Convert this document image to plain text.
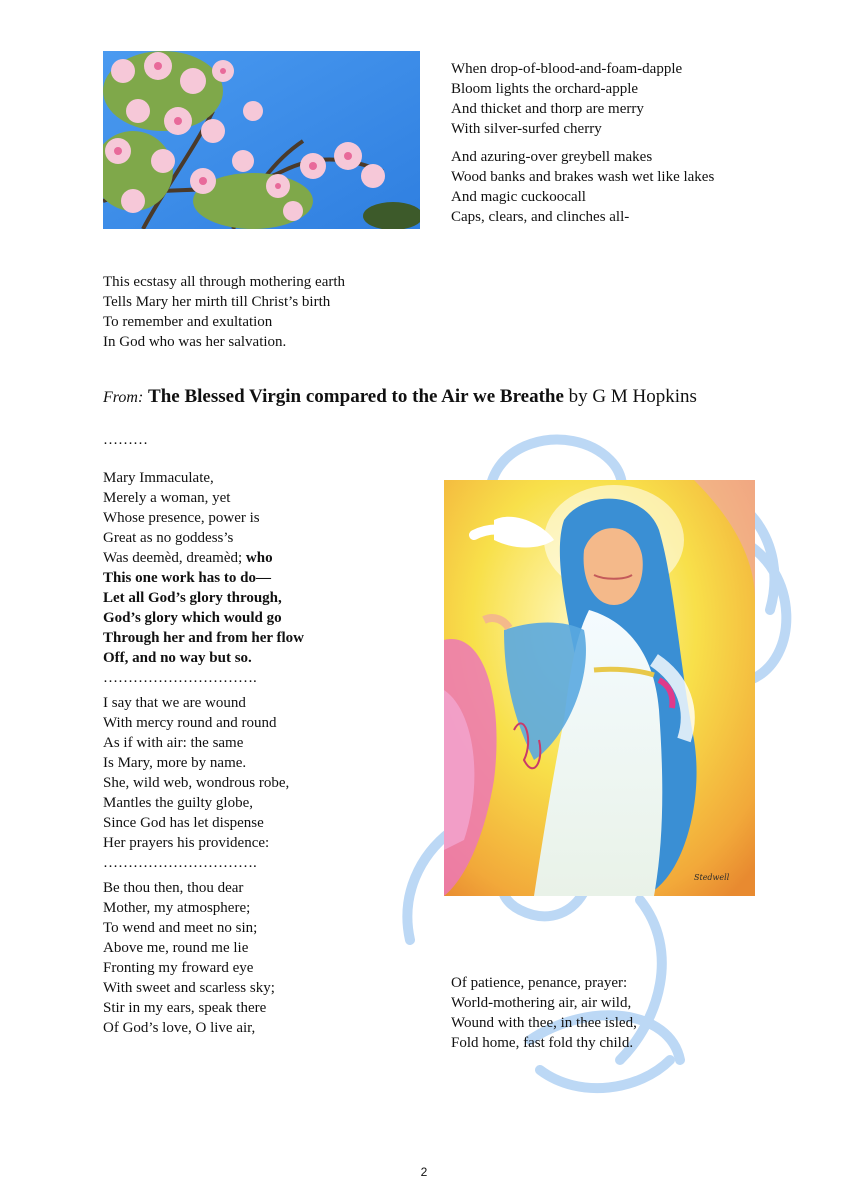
When drop-of-blood-and-foam-dapple
Bloom lights the orchard-apple
And thicket and thorp are merry
With silver-surfed cherry
And azuring-over greybell makes
Wood banks and brakes wash wet like lakes
And magic cuckoocall
Caps, clears, and clinches all-
This ecstasy all through mothering earth
Tells Mary her mirth till Christ’s birth
To remember and exultation
In God who was her salvation.
From: The Blessed Virgin compared to the Air we Breathe by G M Hopkins
………
Mary Immaculate,
Merely a woman, yet
Whose presence, power is
Great as no goddess’s
Was deemèd, dreamèd; who
This one work has to do—
Let all God’s glory through,
God’s glory which would go
Through her and from her flow
Off, and no way but so.
………………………….
I say that we are wound
With mercy round and round
As if with air: the same
Is Mary, more by name.
She, wild web, wondrous robe,
Mantles the guilty globe,
Since God has let dispense
Her prayers his providence:
………………………….
Be thou then, thou dear
Mother, my atmosphere;
To wend and meet no sin;
Above me, round me lie
Fronting my froward eye
With sweet and scarless sky;
Stir in my ears, speak there
Of God’s love, O live air,
Stedwell
Of patience, penance, prayer:
World-mothering air, air wild,
Wound with thee, in thee isled,
Fold home, fast fold thy child.
2
